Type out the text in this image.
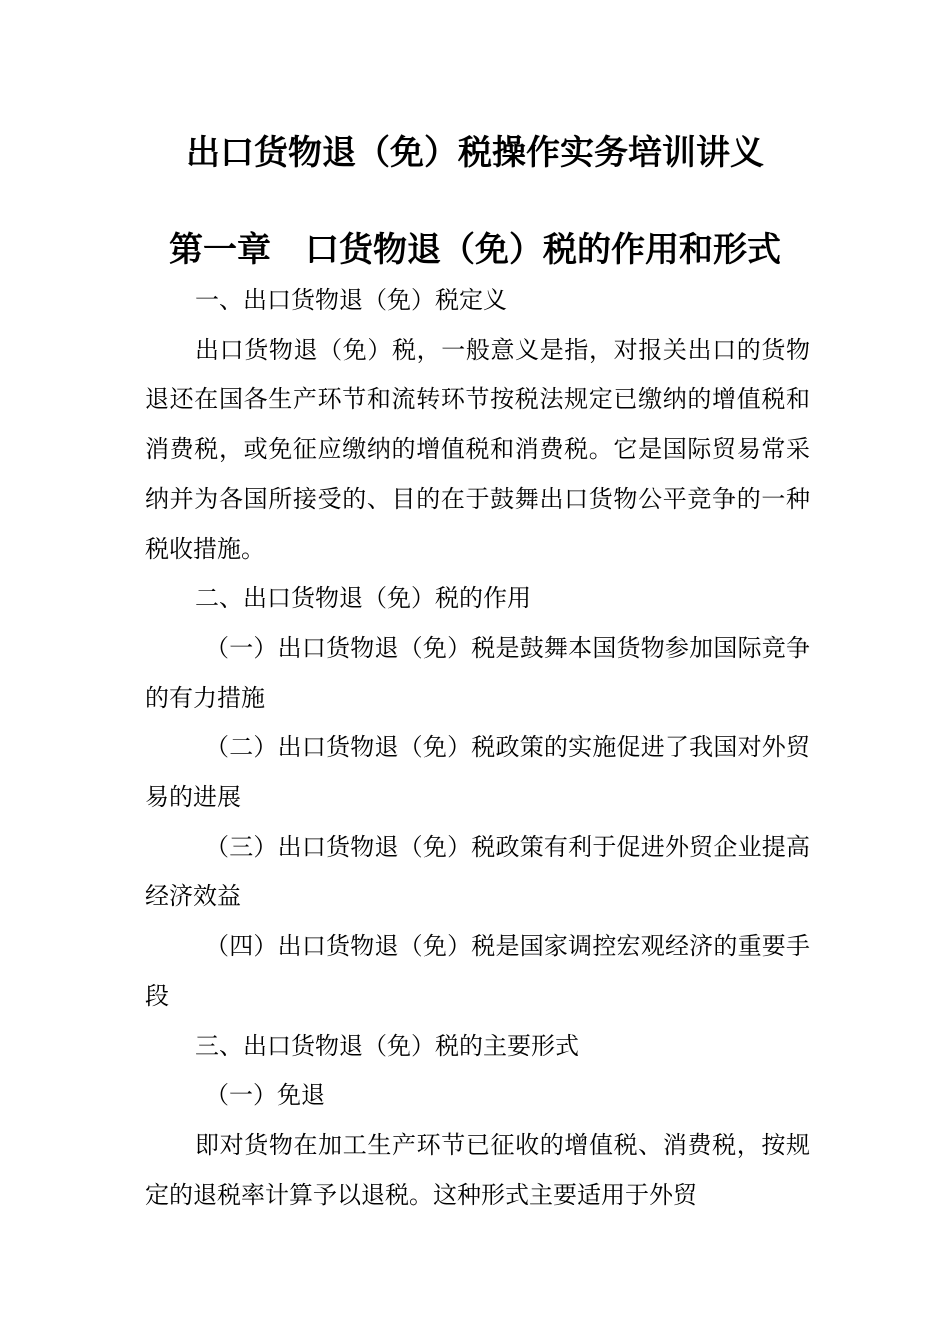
出口货物退（免）税操作实务培训讲义
第一章　口货物退（免）税的作用和形式

一、出口货物退（免）税定义

出口货物退（免）税，一般意义是指，对报关出口的货物退还在国各生产环节和流转环节按税法规定已缴纳的增值税和消费税，或免征应缴纳的增值税和消费税。它是国际贸易常采纳并为各国所接受的、目的在于鼓舞出口货物公平竞争的一种税收措施。

二、出口货物退（免）税的作用

（一）出口货物退（免）税是鼓舞本国货物参加国际竞争的有力措施

（二）出口货物退（免）税政策的实施促进了我国对外贸易的进展

（三）出口货物退（免）税政策有利于促进外贸企业提高经济效益

（四）出口货物退（免）税是国家调控宏观经济的重要手段

三、出口货物退（免）税的主要形式

（一）免退

即对货物在加工生产环节已征收的增值税、消费税，按规定的退税率计算予以退税。这种形式主要适用于外贸
